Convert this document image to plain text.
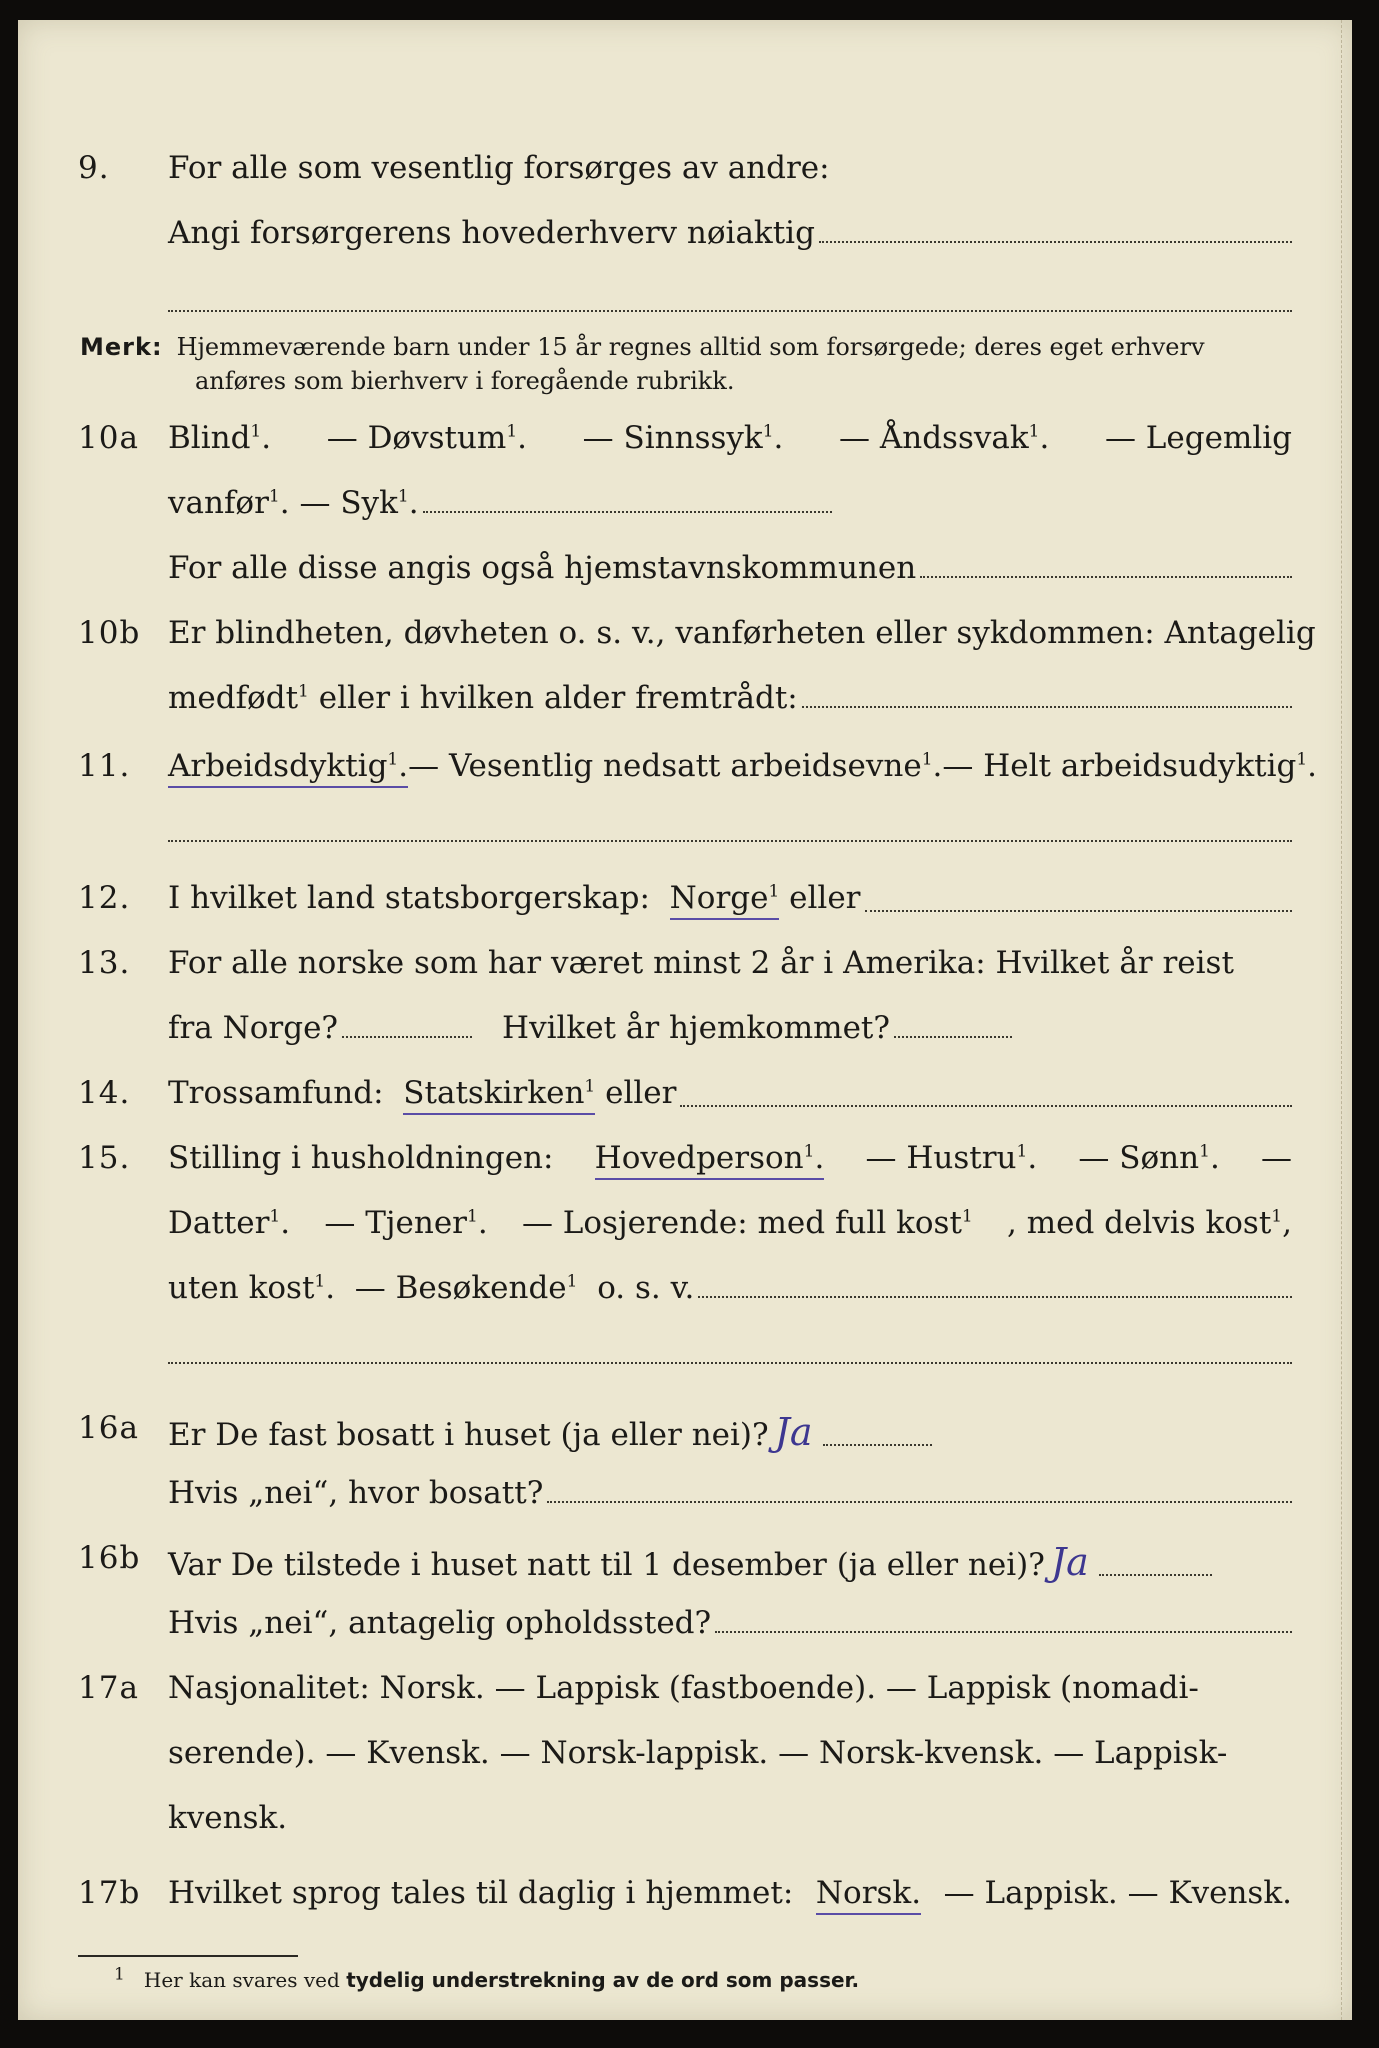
9. For alle som vesentlig forsørges av andre:
Angi forsørgerens hovederhverv nøiaktig
Merk: Hjemmeværende barn under 15 år regnes alltid som forsørgede; deres eget erhverv
anføres som bierhverv i foregående rubrikk.
10a Blind$^1$. — Døvstum$^1$. — Sinnssyk$^1$. — Åndssvak$^1$. — Legemlig
vanfør$^1$. — Syk$^1$.
For alle disse angis også hjemstavnskommunen
10b Er blindheten, døvheten o. s. v., vanførheten eller sykdommen: Antagelig
medfødt$^1$ eller i hvilken alder fremtrådt:
11. Arbeidsdyktig$^1$. — Vesentlig nedsatt arbeidsevne$^1$. — Helt arbeidsudyktig$^1$.
12. I hvilket land statsborgerskap:
Norge$^1$
eller
13. For alle norske som har været minst 2 år i Amerika: Hvilket år reist
fra Norge?	Hvilket år hjemkommet?
14. Trossamfund:
Statskirken$^1$
eller
15. Stilling i husholdningen: Hovedperson$^1$. — Hustru$^1$. — Sønn$^1$. —
Datter$^1$. — Tjener$^1$. — Losjerende: med full kost$^1$ , med delvis kost$^1$,
uten kost$^1$. — Besøkende$^1$ o. s. v.
16a Er De fast bosatt i huset (ja eller nei)? Ja
Hvis „nei“, hvor bosatt?
16b Var De tilstede i huset natt til 1 desember (ja eller nei)? Ja
Hvis „nei“, antagelig opholdssted?
17a Nasjonalitet: Norsk. — Lappisk (fastboende). — Lappisk (nomadi-
serende). — Kvensk. — Norsk-lappisk. — Norsk-kvensk. — Lappisk-
kvensk.
17b Hvilket sprog tales til daglig i hjemmet: Norsk. — Lappisk. — Kvensk.
$^1$ Her kan svares ved tydelig understrekning av de ord som passer.
